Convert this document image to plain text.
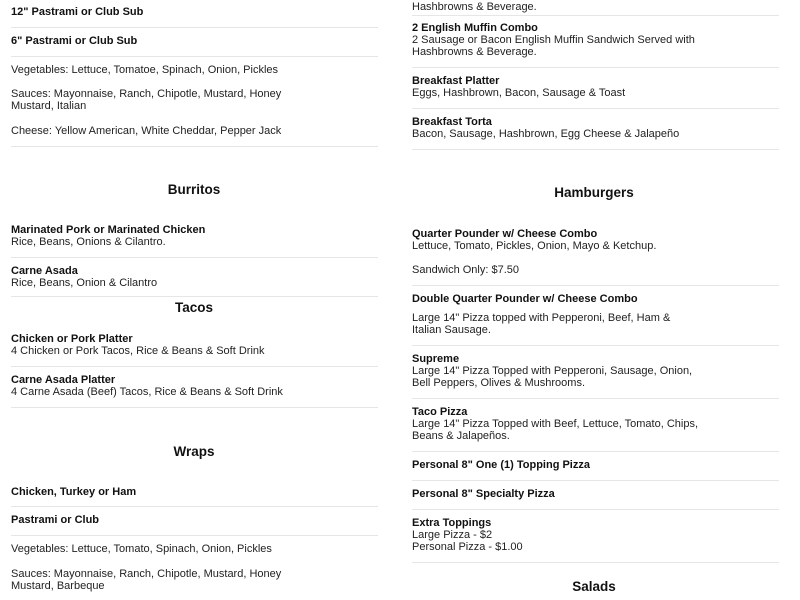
12" Pastrami or Club Sub
6" Pastrami or Club Sub
Vegetables: Lettuce, Tomatoe, Spinach, Onion, Pickles
Sauces: Mayonnaise, Ranch, Chipotle, Mustard, Honey Mustard, Italian
Cheese: Yellow American, White Cheddar, Pepper Jack
Burritos
Marinated Pork or Marinated Chicken
Rice, Beans, Onions & Cilantro.
Carne Asada
Rice, Beans, Onion & Cilantro
Tacos
Chicken or Pork Platter
4 Chicken or Pork Tacos, Rice & Beans & Soft Drink
Carne Asada Platter
4 Carne Asada (Beef) Tacos, Rice & Beans & Soft Drink
Wraps
Chicken, Turkey or Ham
Pastrami or Club
Vegetables: Lettuce, Tomato, Spinach, Onion, Pickles
Sauces: Mayonnaise, Ranch, Chipotle, Mustard, Honey Mustard, Barbeque
Hashbrowns & Beverage.
2 English Muffin Combo
2 Sausage or Bacon English Muffin Sandwich Served with Hashbrowns & Beverage.
Breakfast Platter
Eggs, Hashbrown, Bacon, Sausage & Toast
Breakfast Torta
Bacon, Sausage, Hashbrown, Egg Cheese & Jalapeño
Hamburgers
Quarter Pounder w/ Cheese Combo
Lettuce, Tomato, Pickles, Onion, Mayo & Ketchup.
Sandwich Only: $7.50
Double Quarter Pounder w/ Cheese Combo
Large 14" Pizza topped with Pepperoni, Beef, Ham & Italian Sausage.
Supreme
Large 14" Pizza Topped with Pepperoni, Sausage, Onion, Bell Peppers, Olives & Mushrooms.
Taco Pizza
Large 14" Pizza Topped with Beef, Lettuce, Tomato, Chips, Beans & Jalapeños.
Personal 8" One (1) Topping Pizza
Personal 8" Specialty Pizza
Extra Toppings
Large Pizza - $2
Personal Pizza - $1.00
Salads
